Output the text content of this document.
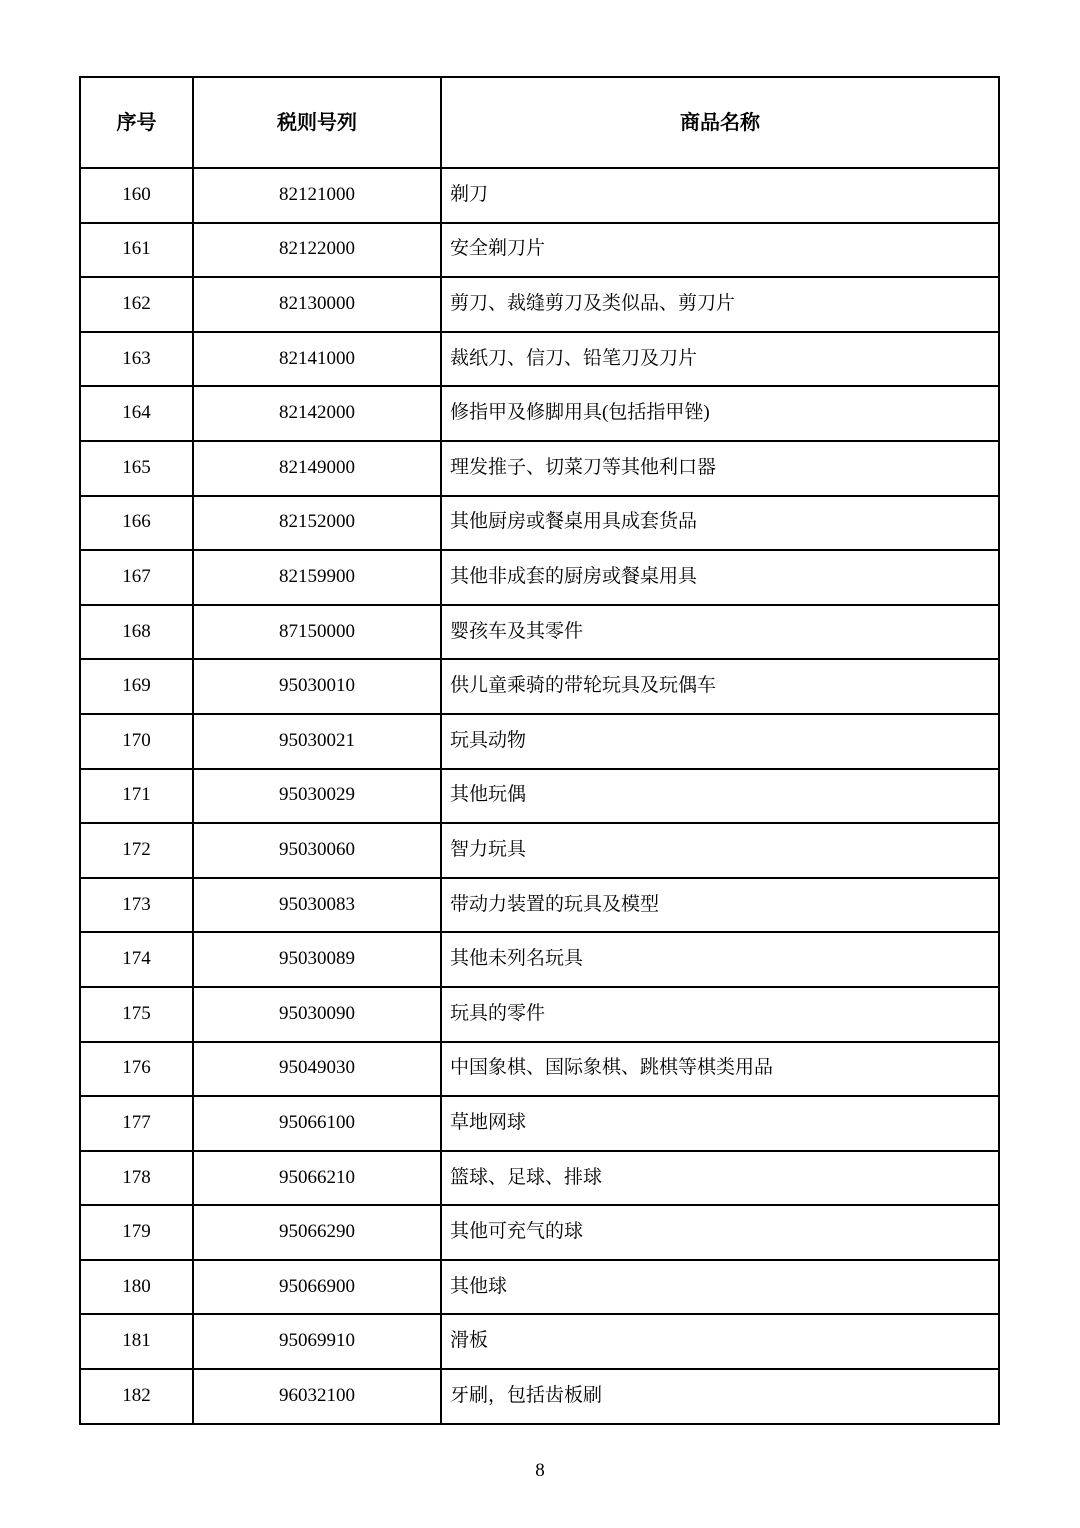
序号	税则号列	商品名称
160	82121000	剃刀
161	82122000	安全剃刀片
162	82130000	剪刀、裁缝剪刀及类似品、剪刀片
163	82141000	裁纸刀、信刀、铅笔刀及刀片
164	82142000	修指甲及修脚用具(包括指甲锉)
165	82149000	理发推子、切菜刀等其他利口器
166	82152000	其他厨房或餐桌用具成套货品
167	82159900	其他非成套的厨房或餐桌用具
168	87150000	婴孩车及其零件
169	95030010	供儿童乘骑的带轮玩具及玩偶车
170	95030021	玩具动物
171	95030029	其他玩偶
172	95030060	智力玩具
173	95030083	带动力装置的玩具及模型
174	95030089	其他未列名玩具
175	95030090	玩具的零件
176	95049030	中国象棋、国际象棋、跳棋等棋类用品
177	95066100	草地网球
178	95066210	篮球、足球、排球
179	95066290	其他可充气的球
180	95066900	其他球
181	95069910	滑板
182	96032100	牙刷，包括齿板刷
8
